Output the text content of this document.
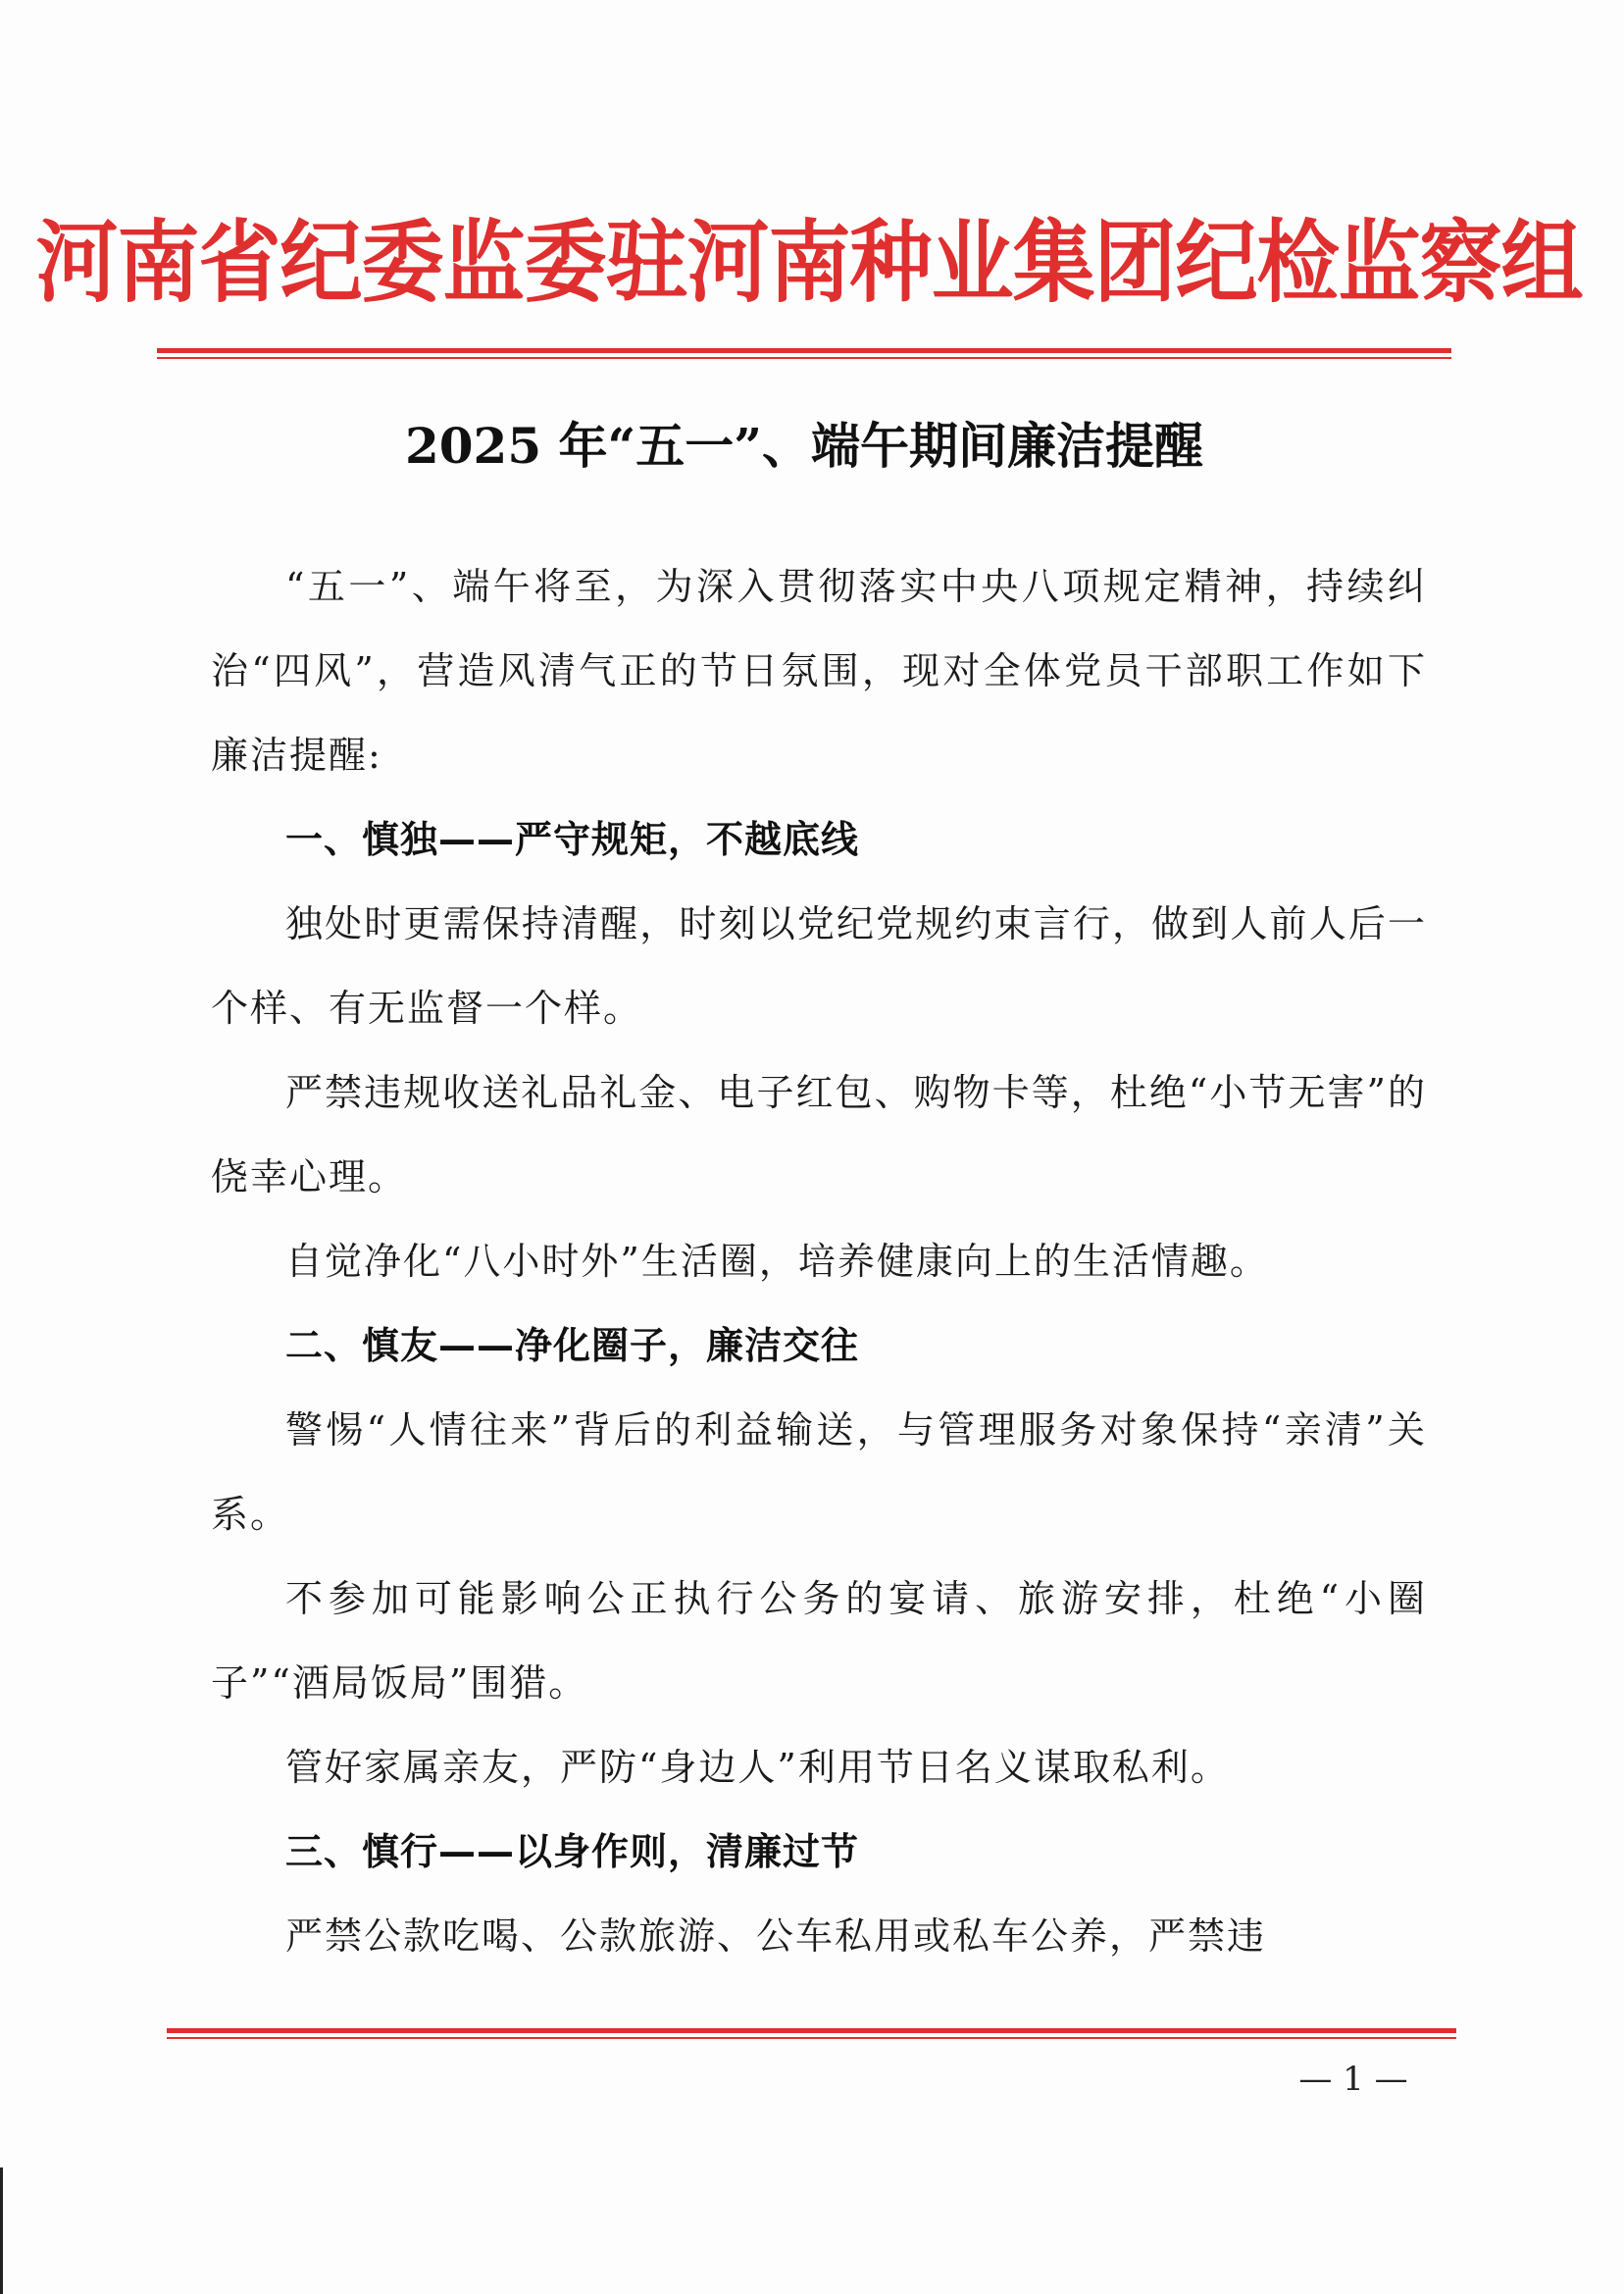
河南省纪委监委驻河南种业集团纪检监察组
2025 年“五一”、端午期间廉洁提醒

“五一”、端午将至，为深入贯彻落实中央八项规定精神，持续纠治“四风”，营造风清气正的节日氛围，现对全体党员干部职工作如下廉洁提醒:

一、慎独——严守规矩，不越底线

独处时更需保持清醒，时刻以党纪党规约束言行，做到人前人后一个样、有无监督一个样。

严禁违规收送礼品礼金、电子红包、购物卡等，杜绝“小节无害”的侥幸心理。

自觉净化“八小时外”生活圈，培养健康向上的生活情趣。

二、慎友——净化圈子，廉洁交往

警惕“人情往来”背后的利益输送，与管理服务对象保持“亲清”关系。

不参加可能影响公正执行公务的宴请、旅游安排，杜绝“小圈子”“酒局饭局”围猎。

管好家属亲友，严防“身边人”利用节日名义谋取私利。

三、慎行——以身作则，清廉过节

严禁公款吃喝、公款旅游、公车私用或私车公养，严禁违

— 1 —
